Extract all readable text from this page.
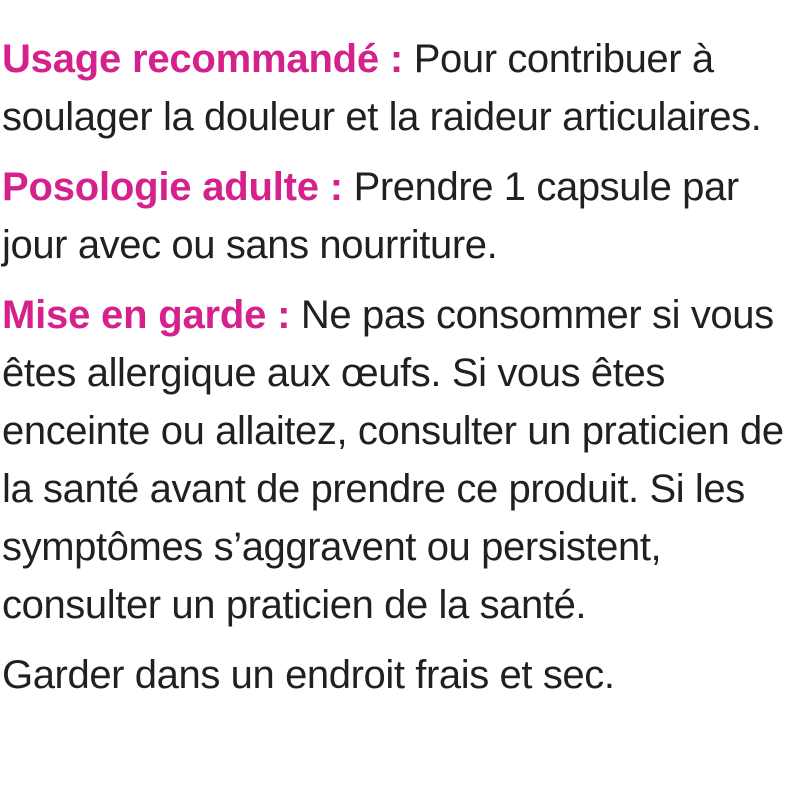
Usage recommandé : Pour contribuer à soulager la douleur et la raideur articulaires.

Posologie adulte : Prendre 1 capsule par jour avec ou sans nourriture.

Mise en garde : Ne pas consommer si vous êtes allergique aux œufs. Si vous êtes enceinte ou allaitez, consulter un praticien de la santé avant de prendre ce produit. Si les symptômes s’aggravent ou persistent, consulter un praticien de la santé.

Garder dans un endroit frais et sec.
